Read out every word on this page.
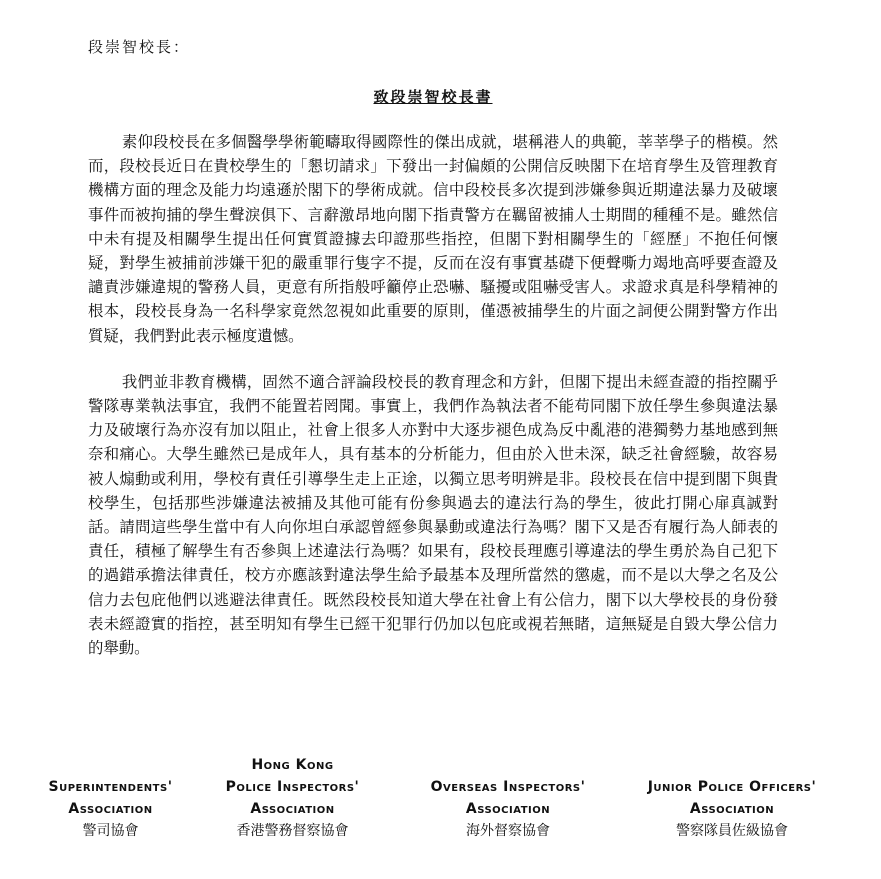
段崇智校長：
致段崇智校長書

素仰段校長在多個醫學學術範疇取得國際性的傑出成就，堪稱港人的典範，莘莘學子的楷模。然而，段校長近日在貴校學生的「懇切請求」下發出一封偏頗的公開信反映閣下在培育學生及管理教育機構方面的理念及能力均遠遜於閣下的學術成就。信中段校長多次提到涉嫌參與近期違法暴力及破壞事件而被拘捕的學生聲淚俱下、言辭激昂地向閣下指責警方在羈留被捕人士期間的種種不是。雖然信中未有提及相關學生提出任何實質證據去印證那些指控，但閣下對相關學生的「經歷」不抱任何懷疑，對學生被捕前涉嫌干犯的嚴重罪行隻字不提，反而在沒有事實基礎下便聲嘶力竭地高呼要查證及譴責涉嫌違規的警務人員，更意有所指般呼籲停止恐嚇、騷擾或阻嚇受害人。求證求真是科學精神的根本，段校長身為一名科學家竟然忽視如此重要的原則，僅憑被捕學生的片面之詞便公開對警方作出質疑，我們對此表示極度遺憾。

我們並非教育機構，固然不適合評論段校長的教育理念和方針，但閣下提出未經查證的指控關乎警隊專業執法事宜，我們不能置若罔聞。事實上，我們作為執法者不能苟同閣下放任學生參與違法暴力及破壞行為亦沒有加以阻止，社會上很多人亦對中大逐步褪色成為反中亂港的港獨勢力基地感到無奈和痛心。大學生雖然已是成年人，具有基本的分析能力，但由於入世未深，缺乏社會經驗，故容易被人煽動或利用，學校有責任引導學生走上正途，以獨立思考明辨是非。段校長在信中提到閣下與貴校學生，包括那些涉嫌違法被捕及其他可能有份參與過去的違法行為的學生，彼此打開心扉真誠對話。請問這些學生當中有人向你坦白承認曾經參與暴動或違法行為嗎？閣下又是否有履行為人師表的責任，積極了解學生有否參與上述違法行為嗎？如果有，段校長理應引導違法的學生勇於為自己犯下的過錯承擔法律責任，校方亦應該對違法學生給予最基本及理所當然的懲處，而不是以大學之名及公信力去包庇他們以逃避法律責任。既然段校長知道大學在社會上有公信力，閣下以大學校長的身份發表未經證實的指控，甚至明知有學生已經干犯罪行仍加以包庇或視若無睹，這無疑是自毀大學公信力的舉動。

Superintendents'
Association
警司協會
Hong Kong
Police Inspectors'
Association
香港警務督察協會
Overseas Inspectors'
Association
海外督察協會
Junior Police Officers'
Association
警察隊員佐級協會
